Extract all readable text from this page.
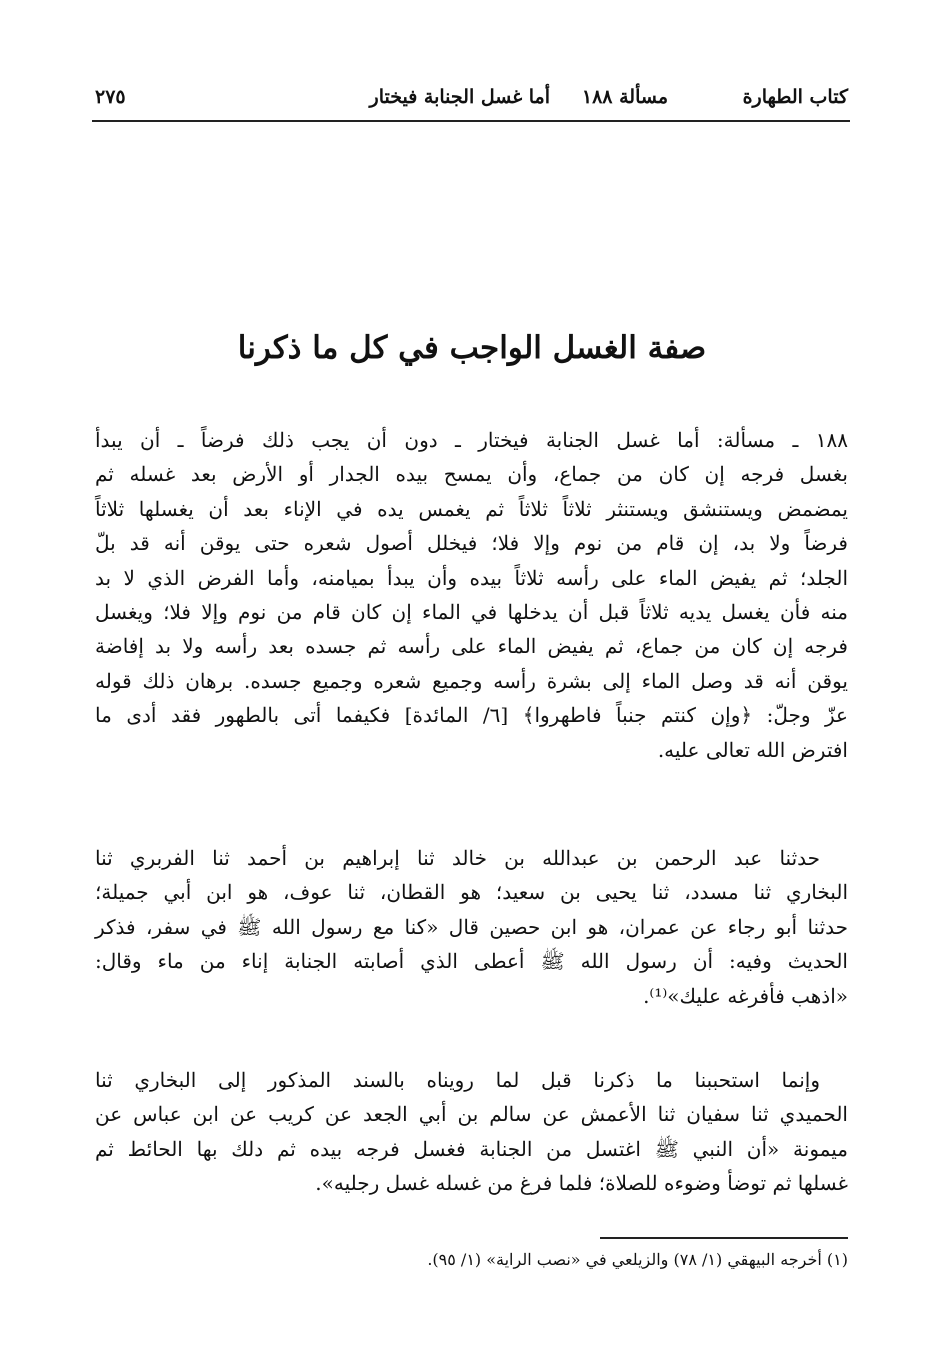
كتاب الطهارة
مسألة ١٨٨
أما غسل الجنابة فيختار
٢٧٥
صفة الغسل الواجب في كل ما ذكرنا
١٨٨ ـ مسألة: أما غسل الجنابة فيختار ـ دون أن يجب ذلك فرضاً ـ أن يبدأ
بغسل فرجه إن كان من جماع، وأن يمسح بيده الجدار أو الأرض بعد غسله ثم
يمضمض ويستنشق ويستنثر ثلاثاً ثلاثاً ثم يغمس يده في الإناء بعد أن يغسلها ثلاثاً
فرضاً ولا بد، إن قام من نوم وإلا فلا؛ فيخلل أصول شعره حتى يوقن أنه قد بلّ
الجلد؛ ثم يفيض الماء على رأسه ثلاثاً بيده وأن يبدأ بميامنه، وأما الفرض الذي لا بد
منه فأن يغسل يديه ثلاثاً قبل أن يدخلها في الماء إن كان قام من نوم وإلا فلا؛ ويغسل
فرجه إن كان من جماع، ثم يفيض الماء على رأسه ثم جسده بعد رأسه ولا بد إفاضة
يوقن أنه قد وصل الماء إلى بشرة رأسه وجميع شعره وجميع جسده. برهان ذلك قوله
عزّ وجلّ: ﴿وإن كنتم جنباً فاطهروا﴾ [٦/ المائدة] فكيفما أتى بالطهور فقد أدى ما
افترض الله تعالى عليه.
حدثنا عبد الرحمن بن عبدالله بن خالد ثنا إبراهيم بن أحمد ثنا الفربري ثنا
البخاري ثنا مسدد، ثنا يحيى بن سعيد؛ هو القطان، ثنا عوف، هو ابن أبي جميلة؛
حدثنا أبو رجاء عن عمران، هو ابن حصين قال «كنا مع رسول الله ﷺ في سفر، فذكر
الحديث وفيه: أن رسول الله ﷺ أعطى الذي أصابته الجنابة إناء من ماء وقال:
«اذهب فأفرغه عليك»⁽¹⁾.
وإنما استحببنا ما ذكرنا قبل لما رويناه بالسند المذكور إلى البخاري ثنا
الحميدي ثنا سفيان ثنا الأعمش عن سالم بن أبي الجعد عن كريب عن ابن عباس عن
ميمونة «أن النبي ﷺ اغتسل من الجنابة فغسل فرجه بيده ثم دلك بها الحائط ثم
غسلها ثم توضأ وضوءه للصلاة؛ فلما فرغ من غسله غسل رجليه».
(١) أخرجه البيهقي (١/ ٧٨) والزيلعي في «نصب الراية» (١/ ٩٥).
